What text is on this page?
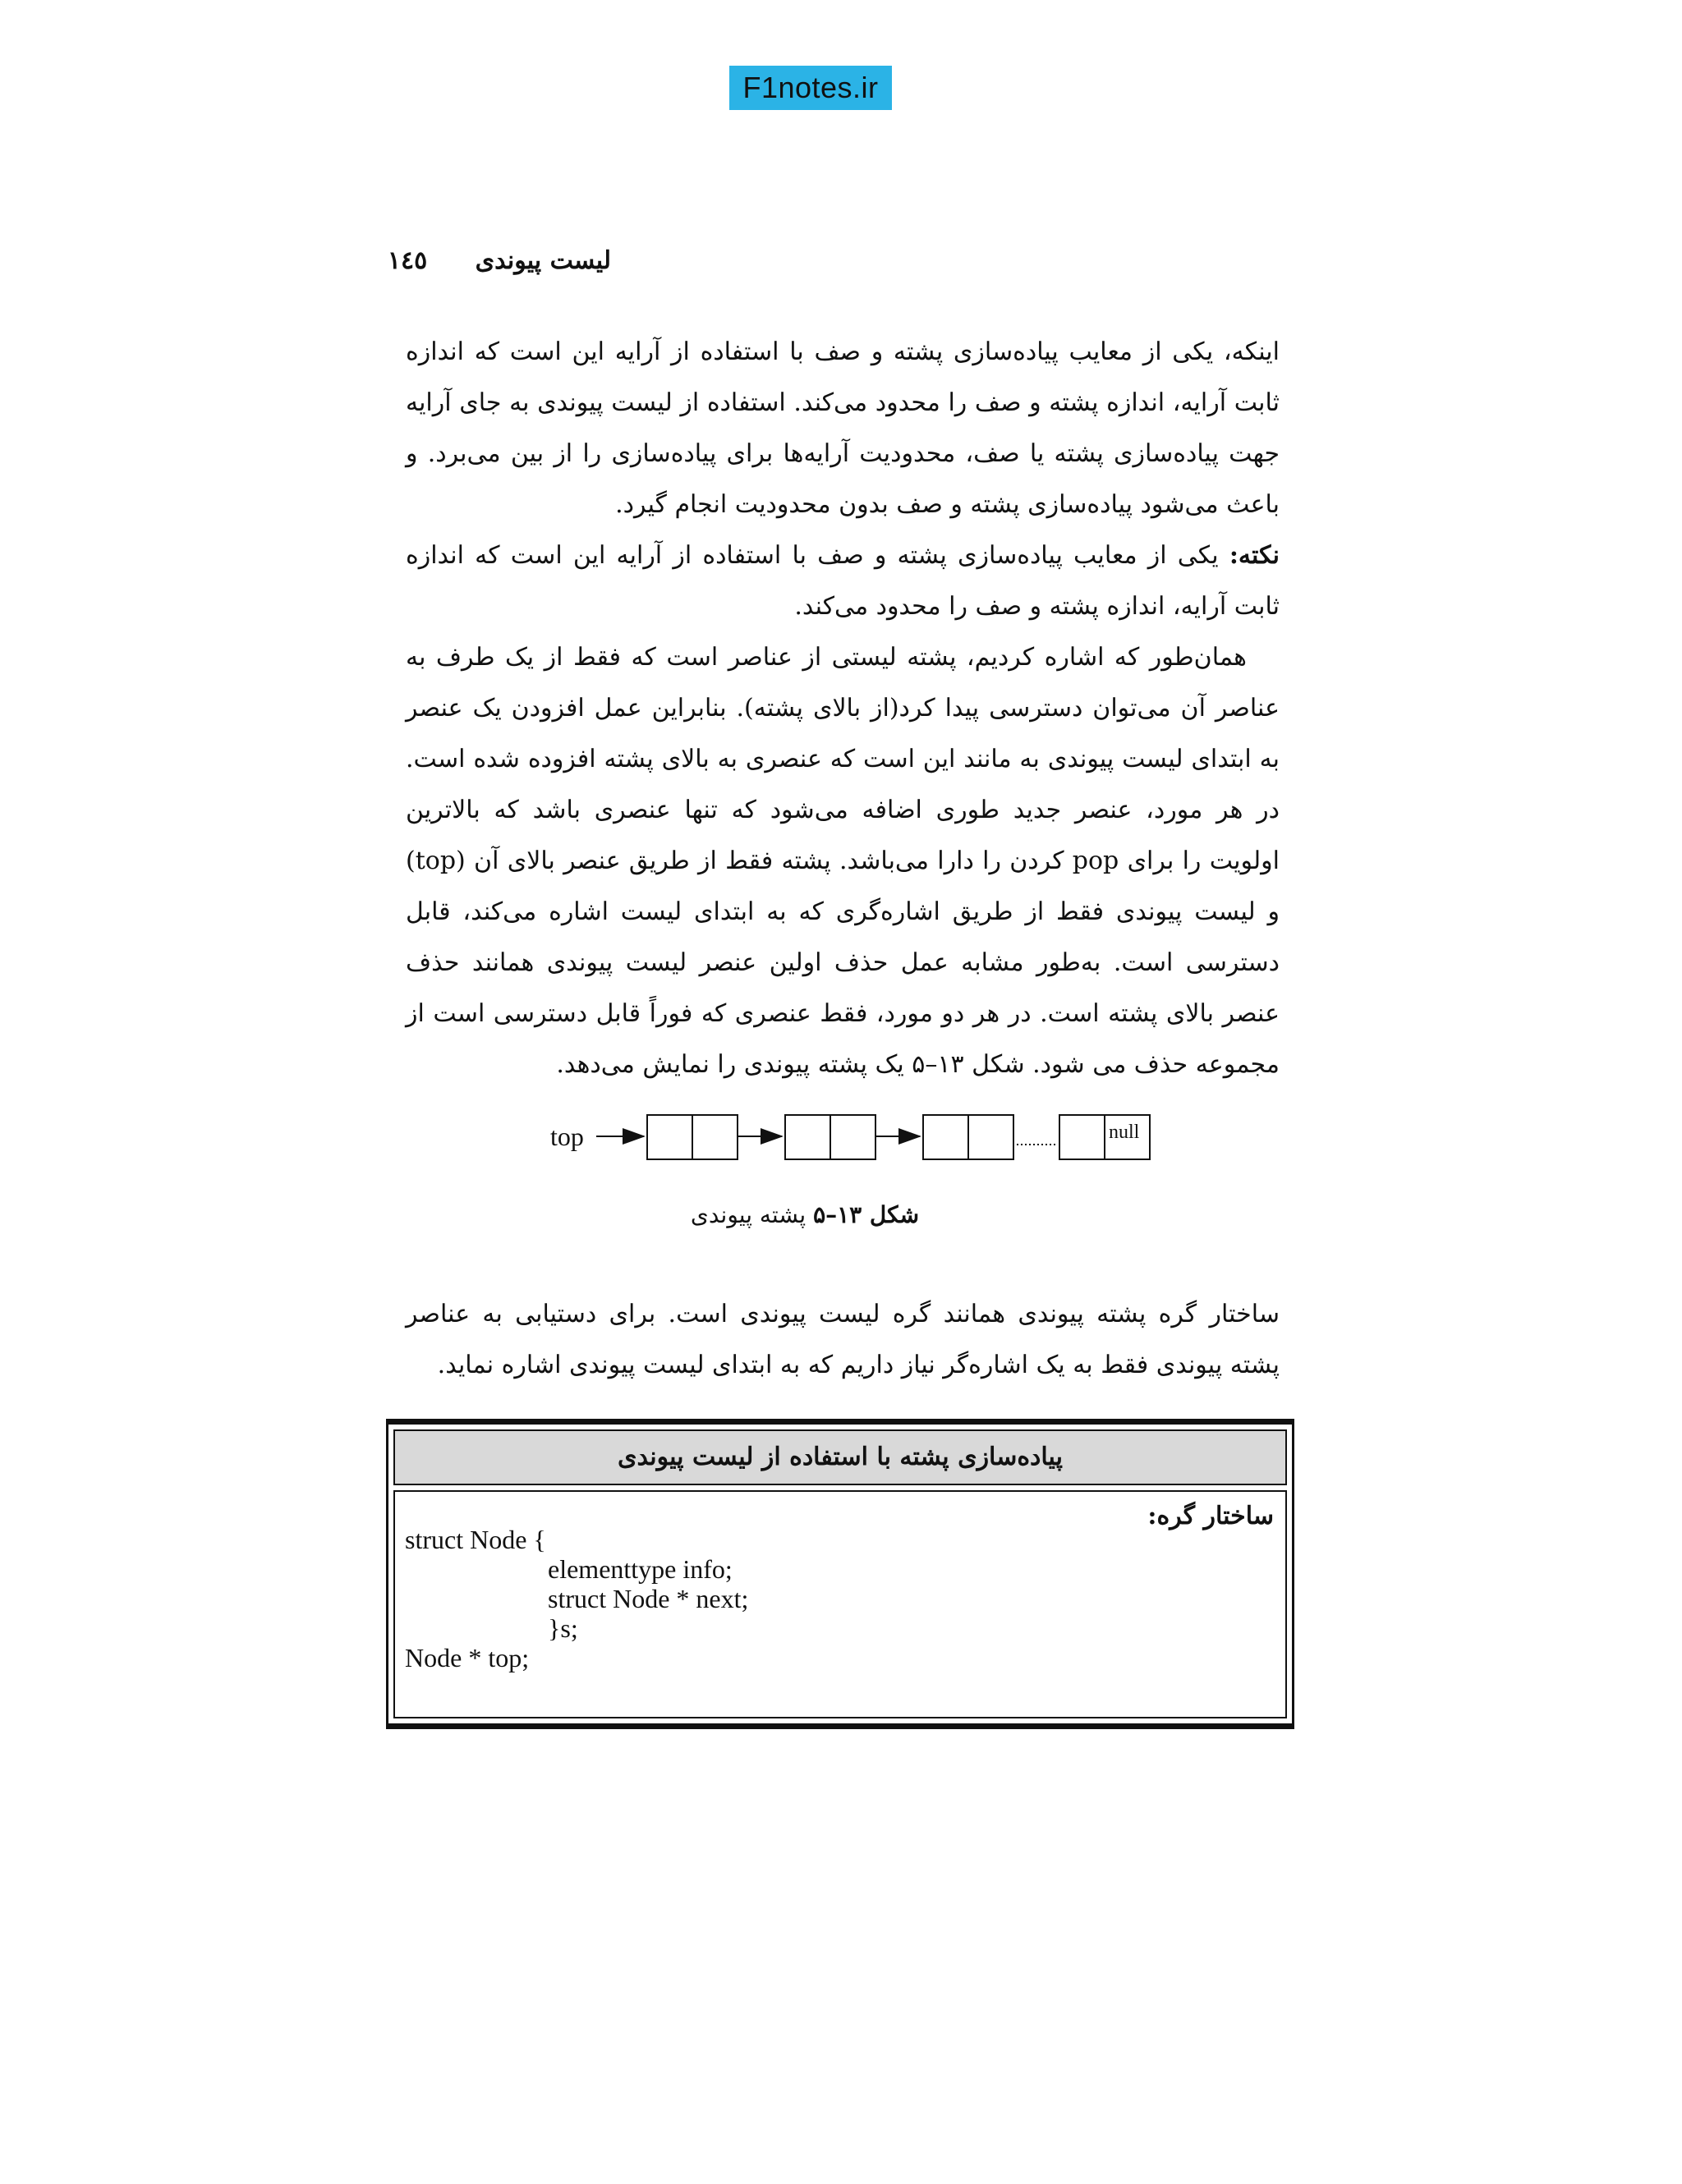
F1notes.ir
لیست پیوندی ١٤٥

اینکه، یکی از معایب پیاده‌سازی پشته و صف با استفاده از آرایه این است که اندازه ثابت آرایه، اندازه پشته و صف را محدود می‌کند. استفاده از لیست پیوندی به جای آرایه جهت پیاده‌سازی پشته یا صف، محدودیت آرایه‌ها برای پیاده‌سازی را از بین می‌برد. و باعث می‌شود پیاده‌سازی پشته و صف بدون محدودیت انجام گیرد.

نکته: یکی از معایب پیاده‌سازی پشته و صف با استفاده از آرایه این است که اندازه ثابت آرایه، اندازه پشته و صف را محدود می‌کند.

همان‌طور که اشاره کردیم، پشته لیستی از عناصر است که فقط از یک طرف به عناصر آن می‌توان دسترسی پیدا کرد(از بالای پشته). بنابراین عمل افزودن یک عنصر به ابتدای لیست پیوندی به مانند این است که عنصری به بالای پشته افزوده شده است. در هر مورد، عنصر جدید طوری اضافه می‌شود که تنها عنصری باشد که بالاترین اولویت را برای pop کردن را دارا می‌باشد. پشته فقط از طریق عنصر بالای آن (top) و لیست پیوندی فقط از طریق اشاره‌گری که به ابتدای لیست اشاره می‌کند، قابل دسترسی است. به‌طور مشابه عمل حذف اولین عنصر لیست پیوندی همانند حذف عنصر بالای پشته است. در هر دو مورد، فقط عنصری که فوراً قابل دسترسی است از مجموعه حذف می شود. شکل ۱۳–۵ یک پشته پیوندی را نمایش می‌دهد.

top	null
شکل ۱۳–۵ پشته پیوندی

ساختار گره پشته پیوندی همانند گره لیست پیوندی است. برای دستیابی به عناصر پشته پیوندی فقط به یک اشاره‌گر نیاز داریم که به ابتدای لیست پیوندی اشاره نماید.

پیاده‌سازی پشته با استفاده از لیست پیوندی
ساختار گره:
struct Node {
elementtype info;
struct Node * next;
}s;
Node * top;
